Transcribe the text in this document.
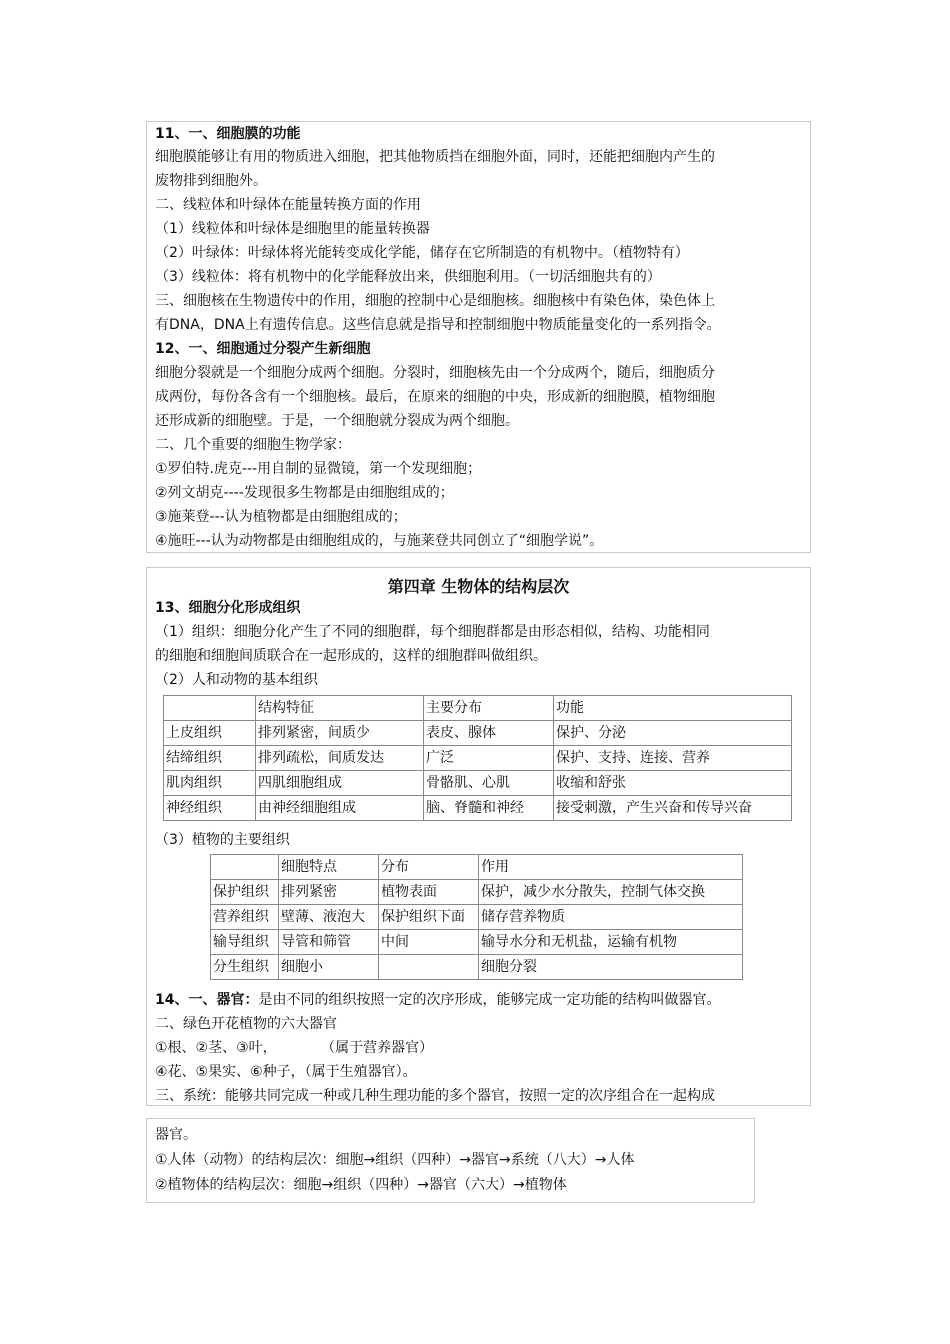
11、一、细胞膜的功能
细胞膜能够让有用的物质进入细胞，把其他物质挡在细胞外面，同时，还能把细胞内产生的
废物排到细胞外。
二、线粒体和叶绿体在能量转换方面的作用
（1）线粒体和叶绿体是细胞里的能量转换器
（2）叶绿体：叶绿体将光能转变成化学能，储存在它所制造的有机物中。（植物特有）
（3）线粒体：将有机物中的化学能释放出来，供细胞利用。（一切活细胞共有的）
三、细胞核在生物遗传中的作用，细胞的控制中心是细胞核。细胞核中有染色体，染色体上
有DNA，DNA上有遗传信息。这些信息就是指导和控制细胞中物质能量变化的一系列指令。
12、一、细胞通过分裂产生新细胞
细胞分裂就是一个细胞分成两个细胞。分裂时，细胞核先由一个分成两个，随后，细胞质分
成两份，每份各含有一个细胞核。最后，在原来的细胞的中央，形成新的细胞膜，植物细胞
还形成新的细胞壁。于是，一个细胞就分裂成为两个细胞。
二、几个重要的细胞生物学家：
①罗伯特.虎克---用自制的显微镜，第一个发现细胞；
②列文胡克----发现很多生物都是由细胞组成的；
③施莱登---认为植物都是由细胞组成的；
④施旺---认为动物都是由细胞组成的，与施莱登共同创立了“细胞学说”。
第四章 生物体的结构层次
13、细胞分化形成组织
（1）组织：细胞分化产生了不同的细胞群，每个细胞群都是由形态相似，结构、功能相同
的细胞和细胞间质联合在一起形成的，这样的细胞群叫做组织。
（2）人和动物的基本组织
	结构特征	主要分布	功能
上皮组织	排列紧密，间质少	表皮、腺体	保护、分泌
结缔组织	排列疏松，间质发达	广泛	保护、支持、连接、营养
肌肉组织	四肌细胞组成	骨骼肌、心肌	收缩和舒张
神经组织	由神经细胞组成	脑、脊髓和神经	接受刺激，产生兴奋和传导兴奋
（3）植物的主要组织
	细胞特点	分布	作用
保护组织	排列紧密	植物表面	保护，减少水分散失，控制气体交换
营养组织	壁薄、液泡大	保护组织下面	储存营养物质
输导组织	导管和筛管	中间	输导水分和无机盐，运输有机物
分生组织	细胞小		细胞分裂
14、一、器官：是由不同的组织按照一定的次序形成，能够完成一定功能的结构叫做器官。
二、绿色开花植物的六大器官
①根、②茎、③叶，          （属于营养器官）
④花、⑤果实、⑥种子，（属于生殖器官）。
三、系统：能够共同完成一种或几种生理功能的多个器官，按照一定的次序组合在一起构成
器官。
①人体（动物）的结构层次：细胞→组织（四种）→器官→系统（八大）→人体
②植物体的结构层次：细胞→组织（四种）→器官（六大）→植物体
